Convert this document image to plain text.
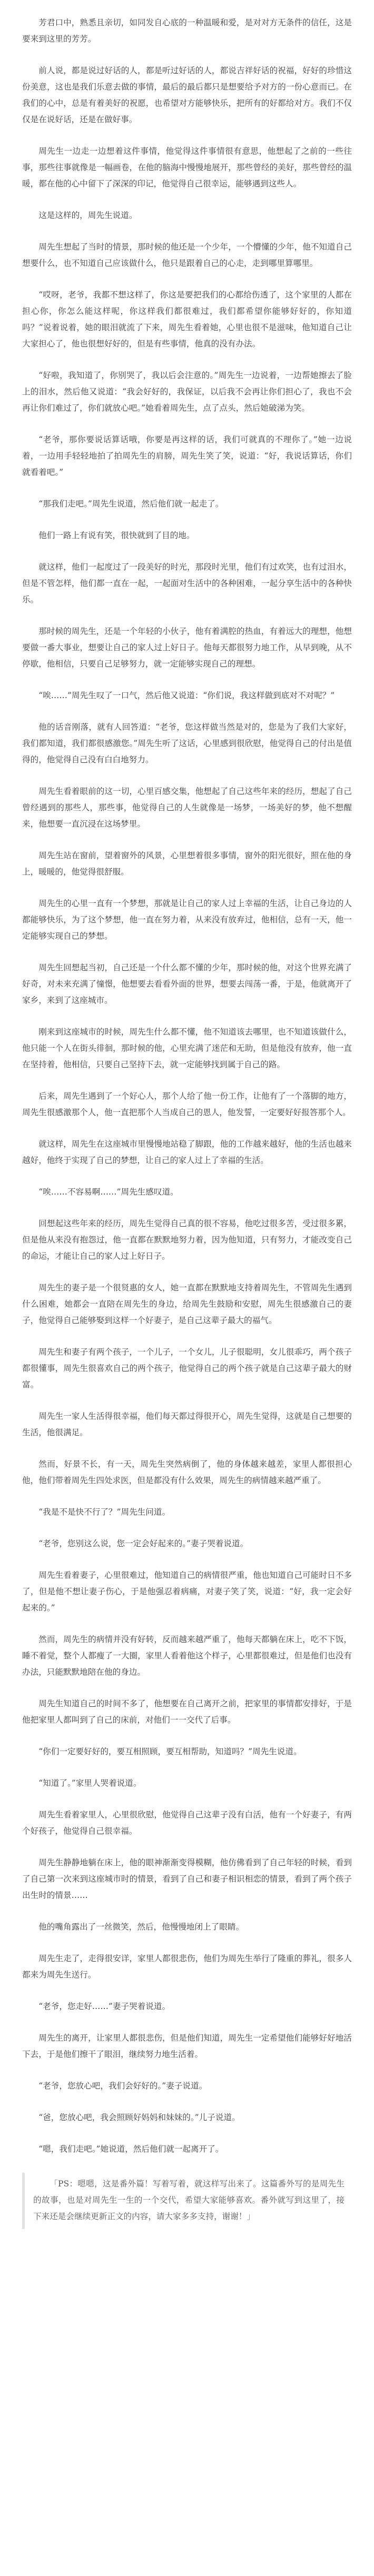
芳君口中，熟悉且亲切，如同发自心底的一种温暖和爱，是对对方无条件的信任，这是要来到这里的芳芳。

前人说，都是说过好话的人，都是听过好话的人，都说吉祥好话的祝福，好好的珍惜这份美意，这也是我们乐意去做的事情，最后的最后都只是想要给予对方的一份心意而已。在我们的心中，总是有着美好的祝愿，也希望对方能够快乐，把所有的好都给对方。我们不仅仅是在说好话，还是在做好事。

周先生一边走一边想着这件事情，他觉得这件事情很有意思，他想起了之前的一些往事，那些往事就像是一幅画卷，在他的脑海中慢慢地展开，那些曾经的美好，那些曾经的温暖，都在他的心中留下了深深的印记，他觉得自己很幸运，能够遇到这些人。

这是这样的，周先生说道。

周先生想起了当时的情景，那时候的他还是一个少年，一个懵懂的少年，他不知道自己想要什么，也不知道自己应该做什么，他只是跟着自己的心走，走到哪里算哪里。

“哎呀，老爷，我都不想这样了，你这是要把我们的心都给伤透了，这个家里的人都在担心你，你怎么能这样呢，你这样我们都很难过，我们都希望你能够好好的，你知道吗？”说着说着，她的眼泪就流了下来，周先生看着她，心里也很不是滋味，他知道自己让大家担心了，他也很想好好的，但是有些事情，他真的没有办法。

“好啦，我知道了，你别哭了，我以后会注意的。”周先生一边说着，一边帮她擦去了脸上的泪水，然后他又说道：“我会好好的，我保证，以后我不会再让你们担心了，我也不会再让你们难过了，你们就放心吧。”她看着周先生，点了点头，然后她破涕为笑。

“老爷，那你要说话算话哦，你要是再这样的话，我们可就真的不理你了。”她一边说着，一边用手轻轻地拍了拍周先生的肩膀，周先生笑了笑，说道：“好，我说话算话，你们就看着吧。”

“那我们走吧。”周先生说道，然后他们就一起走了。

他们一路上有说有笑，很快就到了目的地。

就这样，他们一起度过了一段美好的时光，那段时光里，他们有过欢笑，也有过泪水，但是不管怎样，他们都一直在一起，一起面对生活中的各种困难，一起分享生活中的各种快乐。

那时候的周先生，还是一个年轻的小伙子，他有着满腔的热血，有着远大的理想，他想要做一番大事业，想要让自己的家人过上好日子。他每天都很努力地工作，从早到晚，从不停歇，他相信，只要自己足够努力，就一定能够实现自己的理想。

“唉……”周先生叹了一口气，然后他又说道：“你们说，我这样做到底对不对呢？”

他的话音刚落，就有人回答道：“老爷，您这样做当然是对的，您是为了我们大家好，我们都知道，我们都很感激您。”周先生听了这话，心里感到很欣慰，他觉得自己的付出是值得的，他觉得自己没有白白地努力。

周先生看着眼前的这一切，心里百感交集，他想起了自己这些年来的经历，想起了自己曾经遇到的那些人，那些事，他觉得自己的人生就像是一场梦，一场美好的梦，他不想醒来，他想要一直沉浸在这场梦里。

周先生站在窗前，望着窗外的风景，心里想着很多事情，窗外的阳光很好，照在他的身上，暖暖的，他觉得很舒服。

周先生的心里一直有一个梦想，那就是让自己的家人过上幸福的生活，让自己身边的人都能够快乐，为了这个梦想，他一直在努力着，从来没有放弃过，他相信，总有一天，他一定能够实现自己的梦想。

周先生回想起当初，自己还是一个什么都不懂的少年，那时候的他，对这个世界充满了好奇，对未来充满了憧憬，他想要去看看外面的世界，想要去闯荡一番，于是，他就离开了家乡，来到了这座城市。

刚来到这座城市的时候，周先生什么都不懂，他不知道该去哪里，也不知道该做什么，他只能一个人在街头徘徊，那时候的他，心里充满了迷茫和无助，但是他没有放弃，他一直在坚持着，他相信，只要自己坚持下去，就一定能够找到属于自己的路。

后来，周先生遇到了一个好心人，那个人给了他一份工作，让他有了一个落脚的地方，周先生很感激那个人，他一直把那个人当成自己的恩人，他发誓，一定要好好报答那个人。

就这样，周先生在这座城市里慢慢地站稳了脚跟，他的工作越来越好，他的生活也越来越好，他终于实现了自己的梦想，让自己的家人过上了幸福的生活。

“唉……不容易啊……”周先生感叹道。

回想起这些年来的经历，周先生觉得自己真的很不容易，他吃过很多苦，受过很多累，但是他从来没有抱怨过，他一直都在默默地努力着，因为他知道，只有努力，才能改变自己的命运，才能让自己的家人过上好日子。

周先生的妻子是一个很贤惠的女人，她一直都在默默地支持着周先生，不管周先生遇到什么困难，她都会一直陪在周先生的身边，给周先生鼓励和安慰，周先生很感激自己的妻子，他觉得自己能够娶到这样一个好妻子，是自己这辈子最大的福气。

周先生和妻子有两个孩子，一个儿子，一个女儿，儿子很聪明，女儿很乖巧，两个孩子都很懂事，周先生很喜欢自己的两个孩子，他觉得自己的两个孩子就是自己这辈子最大的财富。

周先生一家人生活得很幸福，他们每天都过得很开心，周先生觉得，这就是自己想要的生活，他很满足。

然而，好景不长，有一天，周先生突然病倒了，他的身体越来越差，家里人都很担心他，他们带着周先生四处求医，但是都没有什么效果，周先生的病情越来越严重了。

“我是不是快不行了？”周先生问道。

“老爷，您别这么说，您一定会好起来的。”妻子哭着说道。

周先生看着妻子，心里很难过，他知道自己的病情很严重，他也知道自己可能时日不多了，但是他不想让妻子伤心，于是他强忍着病痛，对妻子笑了笑，说道：“好，我一定会好起来的。”

然而，周先生的病情并没有好转，反而越来越严重了，他每天都躺在床上，吃不下饭，睡不着觉，整个人都瘦了一大圈，家里人看着他这个样子，心里都很难过，但是他们也没有办法，只能默默地陪在他的身边。

周先生知道自己的时间不多了，他想要在自己离开之前，把家里的事情都安排好，于是他把家里人都叫到了自己的床前，对他们一一交代了后事。

“你们一定要好好的，要互相照顾，要互相帮助，知道吗？”周先生说道。

“知道了。”家里人哭着说道。

周先生看着家里人，心里很欣慰，他觉得自己这辈子没有白活，他有一个好妻子，有两个好孩子，他觉得自己很幸福。

周先生静静地躺在床上，他的眼神渐渐变得模糊，他仿佛看到了自己年轻的时候，看到了自己第一次来到这座城市时的情景，看到了自己和妻子相识相恋的情景，看到了两个孩子出生时的情景……

他的嘴角露出了一丝微笑，然后，他慢慢地闭上了眼睛。

周先生走了，走得很安详，家里人都很悲伤，他们为周先生举行了隆重的葬礼，很多人都来为周先生送行。

“老爷，您走好……”妻子哭着说道。

周先生的离开，让家里人都很悲伤，但是他们知道，周先生一定希望他们能够好好地活下去，于是他们擦干了眼泪，继续努力地生活着。

“老爷，您放心吧，我们会好好的。”妻子说道。

“爸，您放心吧，我会照顾好妈妈和妹妹的。”儿子说道。

“嗯，我们走吧。”她说道，然后他们就一起离开了。

「PS：嗯嗯，这是番外篇！写着写着，就这样写出来了。这篇番外写的是周先生的故事，也是对周先生一生的一个交代，希望大家能够喜欢。番外就写到这里了，接下来还是会继续更新正文的内容，请大家多多支持，谢谢！」
